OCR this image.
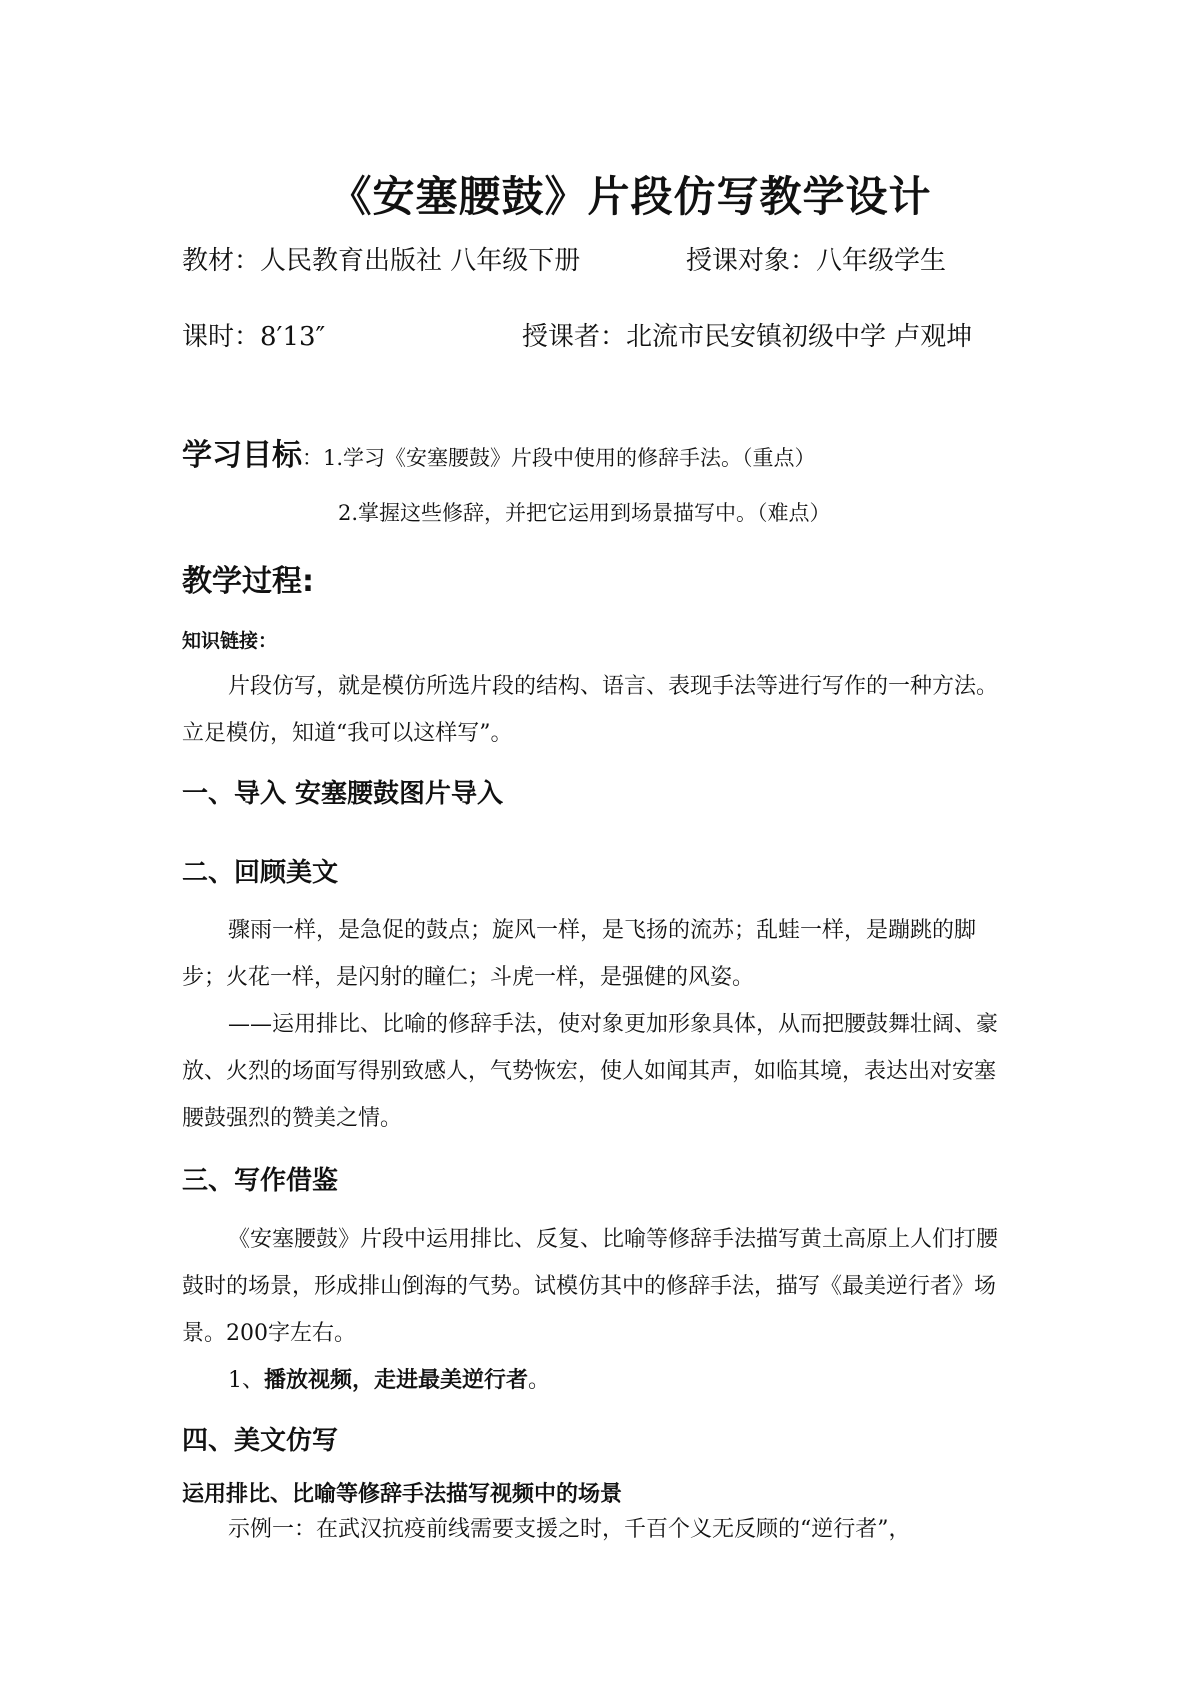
《安塞腰鼓》片段仿写教学设计
教材：人民教育出版社 八年级下册	授课对象：八年级学生
课时：8′13″	授课者：北流市民安镇初级中学 卢观坤
学习目标：1.学习《安塞腰鼓》片段中使用的修辞手法。（重点）
2.掌握这些修辞，并把它运用到场景描写中。（难点）
教学过程:
知识链接：
片段仿写，就是模仿所选片段的结构、语言、表现手法等进行写作的一种方法。立足模仿，知道“我可以这样写”。
一、导入 安塞腰鼓图片导入
二、回顾美文
骤雨一样，是急促的鼓点；旋风一样，是飞扬的流苏；乱蛙一样，是蹦跳的脚步；火花一样，是闪射的瞳仁；斗虎一样，是强健的风姿。
——运用排比、比喻的修辞手法，使对象更加形象具体，从而把腰鼓舞壮阔、豪放、火烈的场面写得别致感人，气势恢宏，使人如闻其声，如临其境，表达出对安塞腰鼓强烈的赞美之情。
三、写作借鉴
《安塞腰鼓》片段中运用排比、反复、比喻等修辞手法描写黄土高原上人们打腰鼓时的场景，形成排山倒海的气势。试模仿其中的修辞手法，描写《最美逆行者》场景。200字左右。
1、播放视频，走进最美逆行者。
四、美文仿写
运用排比、比喻等修辞手法描写视频中的场景
示例一：在武汉抗疫前线需要支援之时，千百个义无反顾的“逆行者”，
